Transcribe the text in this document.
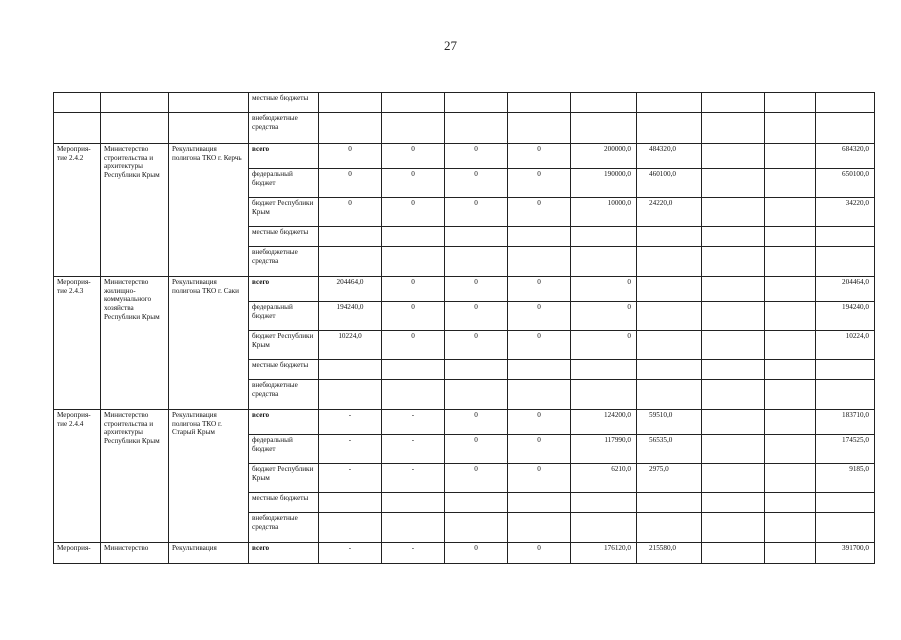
27
			местные бюджеты									
			внебюджетные средства									
Мероприя-тие 2.4.2	Министерство строительства и архитектуры Республики Крым	Рекультивация полигона ТКО г. Керчь	всего	0	0	0	0	200000,0	484320,0			684320,0
			федеральный бюджет	0	0	0	0	190000,0	460100,0			650100,0
			бюджет Республики Крым	0	0	0	0	10000,0	24220,0			34220,0
			местные бюджеты									
			внебюджетные средства									
Мероприя-тие 2.4.3	Министерство жилищно-коммунального хозяйства Республики Крым	Рекультивация полигона ТКО г. Саки	всего	204464,0	0	0	0	0				204464,0
			федеральный бюджет	194240,0	0	0	0	0				194240,0
			бюджет Республики Крым	10224,0	0	0	0	0				10224,0
			местные бюджеты									
			внебюджетные средства									
Мероприя-тие 2.4.4	Министерство строительства и архитектуры Республики Крым	Рекультивация полигона ТКО г. Старый Крым	всего	-	-	0	0	124200,0	59510,0			183710,0
			федеральный бюджет	-	-	0	0	117990,0	56535,0			174525,0
			бюджет Республики Крым	-	-	0	0	6210,0	2975,0			9185,0
			местные бюджеты									
			внебюджетные средства									
Мероприя-	Министерство	Рекультивация	всего	-	-	0	0	176120,0	215580,0			391700,0
